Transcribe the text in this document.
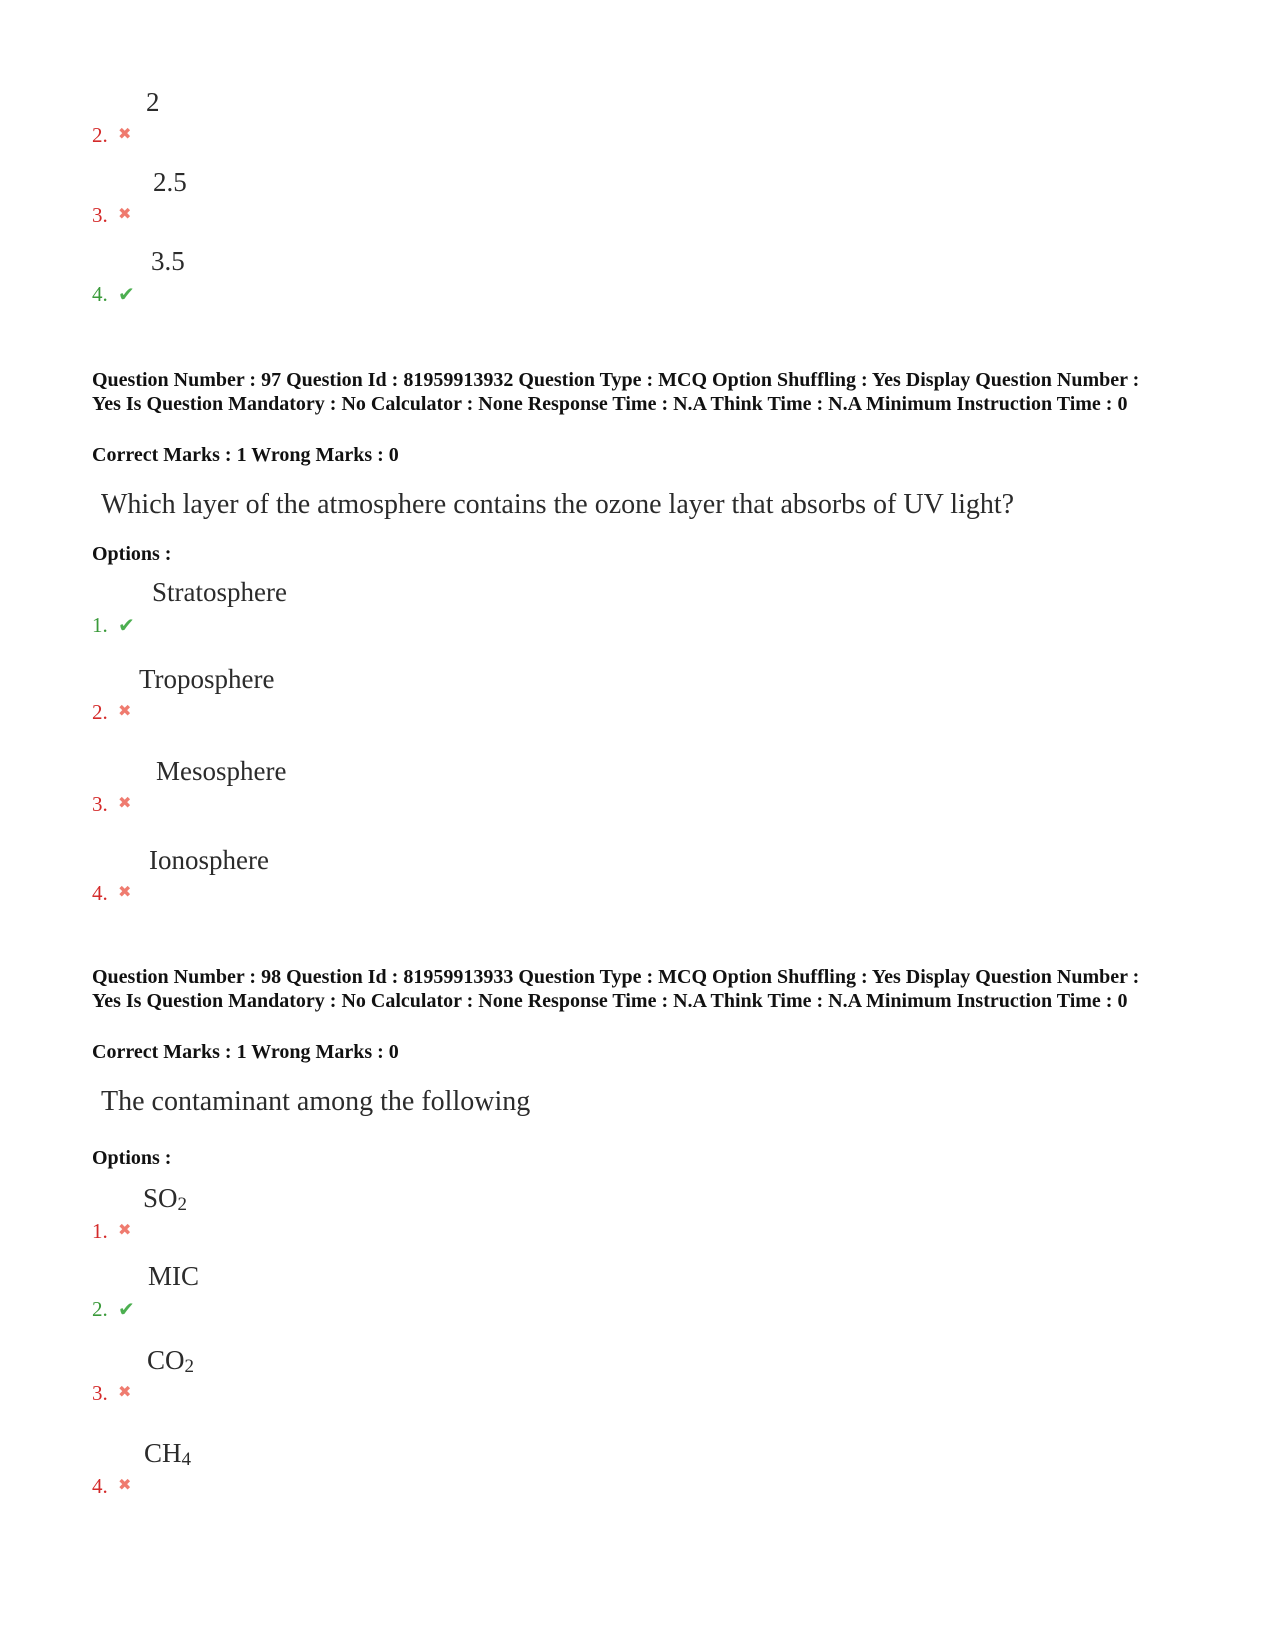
2. ✖
2
3. ✖
2.5
4. ✔
3.5
Question Number : 97 Question Id : 81959913932 Question Type : MCQ Option Shuffling : Yes Display Question Number : Yes Is Question Mandatory : No Calculator : None Response Time : N.A Think Time : N.A Minimum Instruction Time : 0
Correct Marks : 1 Wrong Marks : 0
Which layer of the atmosphere contains the ozone layer that absorbs of UV light?
Options :
1. ✔
Stratosphere
2. ✖
Troposphere
3. ✖
Mesosphere
4. ✖
Ionosphere
Question Number : 98 Question Id : 81959913933 Question Type : MCQ Option Shuffling : Yes Display Question Number : Yes Is Question Mandatory : No Calculator : None Response Time : N.A Think Time : N.A Minimum Instruction Time : 0
Correct Marks : 1 Wrong Marks : 0
The contaminant among the following
Options :
1. ✖
$SO_2$
2. ✔
MIC
3. ✖
$CO_2$
4. ✖
$CH_4$
